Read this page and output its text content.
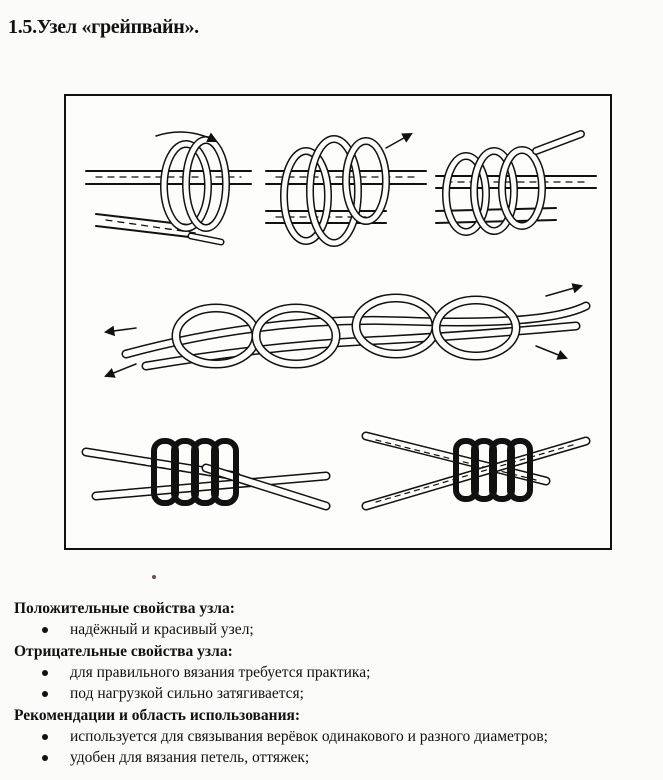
1.5.Узел «грейпвайн».
Положительные свойства узла:
надёжный и красивый узел;
Отрицательные свойства узла:
для правильного вязания требуется практика;
под нагрузкой сильно затягивается;
Рекомендации и область использования:
используется для связывания верёвок одинакового и разного диаметров;
удобен для вязания петель, оттяжек;
